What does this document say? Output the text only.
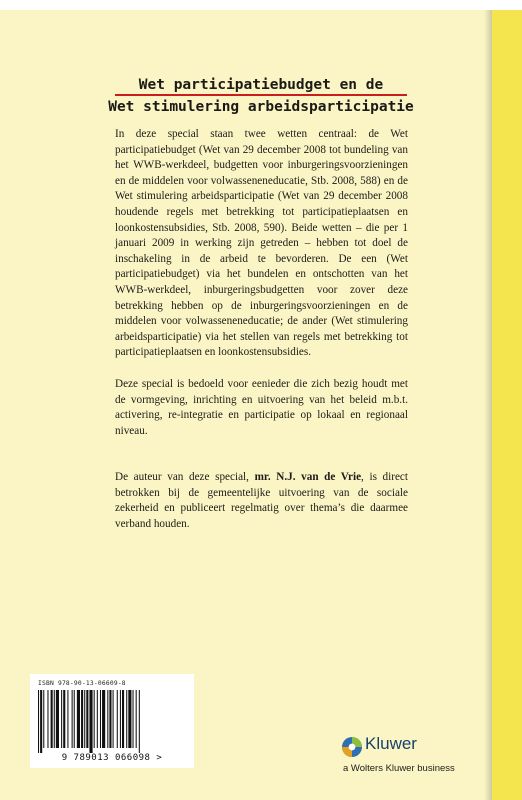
Wet participatiebudget en de
Wet stimulering arbeidsparticipatie
In deze special staan twee wetten centraal: de Wet participatiebudget (Wet van 29 december 2008 tot bundeling van het WWB-werkdeel, budgetten voor inburgeringsvoorzieningen en de middelen voor volwasseneneducatie, Stb. 2008, 588) en de Wet stimulering arbeidsparticipatie (Wet van 29 december 2008 houdende regels met betrekking tot participatieplaatsen en loonkostensubsidies, Stb. 2008, 590). Beide wetten – die per 1 januari 2009 in werking zijn getreden – hebben tot doel de inschakeling in de arbeid te bevorderen. De een (Wet participatiebudget) via het bundelen en ontschotten van het WWB-werkdeel, inburgeringsbudgetten voor zover deze betrekking hebben op de inburgeringsvoorzieningen en de middelen voor volwasseneneducatie; de ander (Wet stimulering arbeidsparticipatie) via het stellen van regels met betrekking tot participatieplaatsen en loonkostensubsidies.
Deze special is bedoeld voor eenieder die zich bezig houdt met de vormgeving, inrichting en uitvoering van het beleid m.b.t. activering, re-integratie en participatie op lokaal en regionaal niveau.
De auteur van deze special, mr. N.J. van de Vrie, is direct betrokken bij de gemeentelijke uitvoering van de sociale zekerheid en publiceert regelmatig over thema’s die daarmee verband houden.
ISBN 978-90-13-06609-8
9 789013 066098 >
Kluwer
a Wolters Kluwer business
